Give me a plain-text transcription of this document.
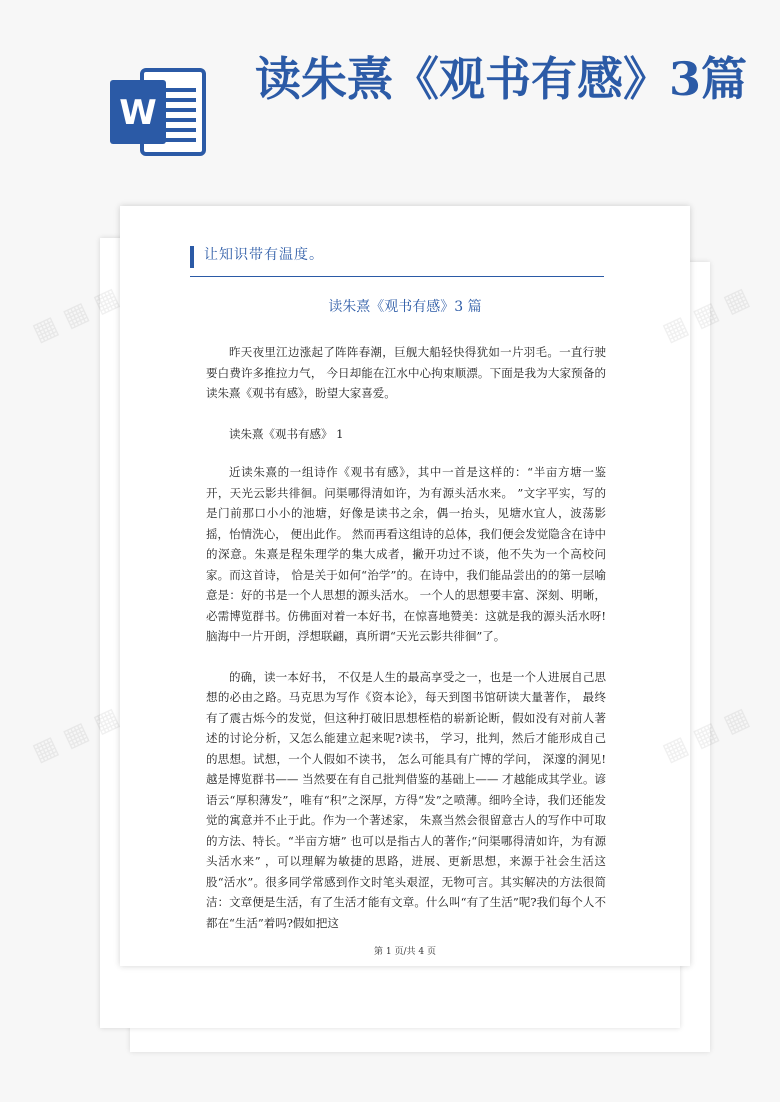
W
读朱熹《观书有感》3篇
让知识带有温度。
读朱熹《观书有感》3 篇

昨天夜里江边涨起了阵阵春潮，巨舰大船轻快得犹如一片羽毛。一直行驶要白费许多推拉力气， 今日却能在江水中心拘束顺漂。下面是我为大家预备的读朱熹《观书有感》，盼望大家喜爱。

读朱熹《观书有感》 1

近读朱熹的一组诗作《观书有感》，其中一首是这样的：“半亩方塘一鉴开，天光云影共徘徊。问渠哪得清如许，为有源头活水来。 ”文字平实，写的是门前那口小小的池塘，好像是读书之余，偶一抬头，见塘水宜人，波荡影摇，怡情洗心， 便出此作。 然而再看这组诗的总体，我们便会发觉隐含在诗中的深意。朱熹是程朱理学的集大成者，撇开功过不谈，他不失为一个高校问家。而这首诗， 恰是关于如何“治学”的。在诗中，我们能品尝出的的第一层喻意是：好的书是一个人思想的源头活水。 一个人的思想要丰富、深刻、明晰，必需博览群书。仿佛面对着一本好书，在惊喜地赞美：这就是我的源头活水呀!脑海中一片开朗，浮想联翩，真所谓“天光云影共徘徊”了。

的确，读一本好书， 不仅是人生的最高享受之一，也是一个人进展自己思想的必由之路。马克思为写作《资本论》，每天到图书馆研读大量著作， 最终有了震古烁今的发觉，但这种打破旧思想桎梏的崭新论断，假如没有对前人著述的讨论分析，又怎么能建立起来呢?读书， 学习，批判，然后才能形成自己的思想。试想，一个人假如不读书， 怎么可能具有广博的学问， 深邃的洞见!越是博览群书—— 当然要在有自己批判借鉴的基础上—— 才越能成其学业。谚语云“厚积薄发”，唯有“积”之深厚，方得“发”之喷薄。细吟全诗，我们还能发觉的寓意并不止于此。作为一个著述家， 朱熹当然会很留意古人的写作中可取的方法、特长。“半亩方塘” 也可以是指古人的著作;“问渠哪得清如许，为有源头活水来” ，可以理解为敏捷的思路，进展、更新思想，来源于社会生活这股“活水”。很多同学常感到作文时笔头艰涩，无物可言。其实解决的方法很简洁：文章便是生活，有了生活才能有文章。什么叫“有了生活”呢?我们每个人不都在“生活”着吗?假如把这

第 1 页/共 4 页
▦ ▦ ▦	▦
▦ ▦ ▦	▦
